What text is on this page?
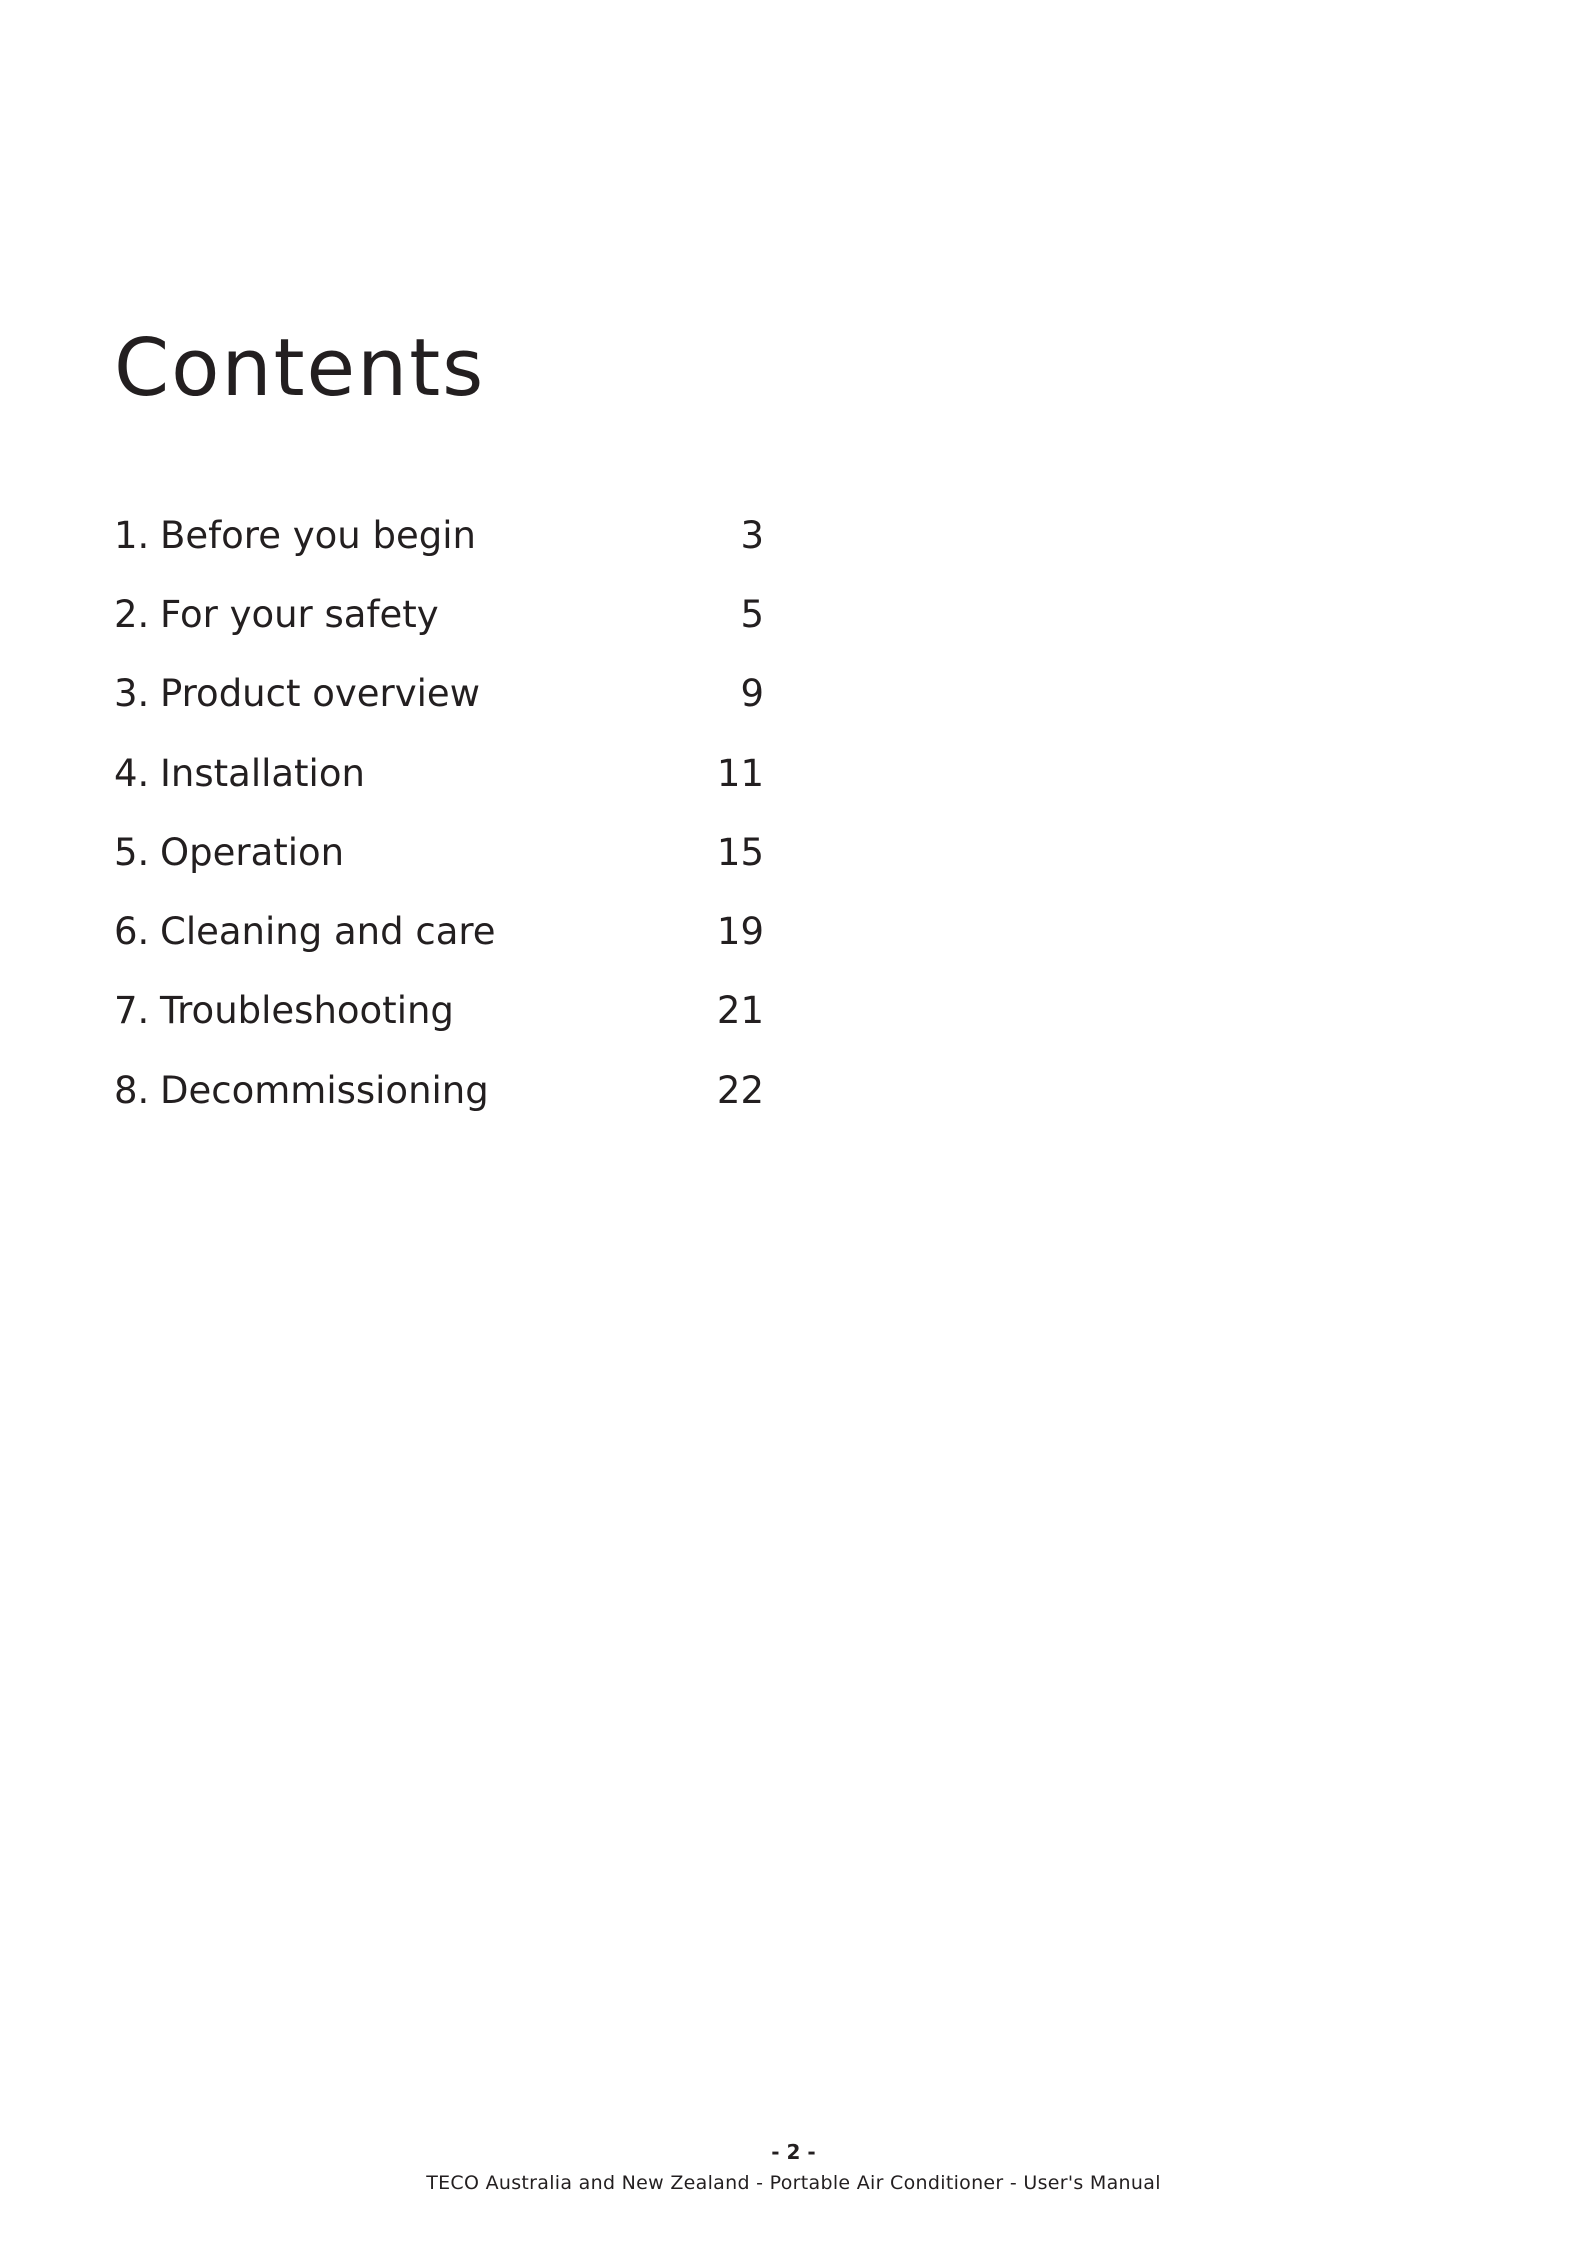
Contents
1. Before you begin	3
2. For your safety	5
3. Product overview	9
4. Installation	11
5. Operation	15
6. Cleaning and care	19
7. Troubleshooting	21
8. Decommissioning	22
- 2 -
TECO Australia and New Zealand - Portable Air Conditioner - User's Manual
